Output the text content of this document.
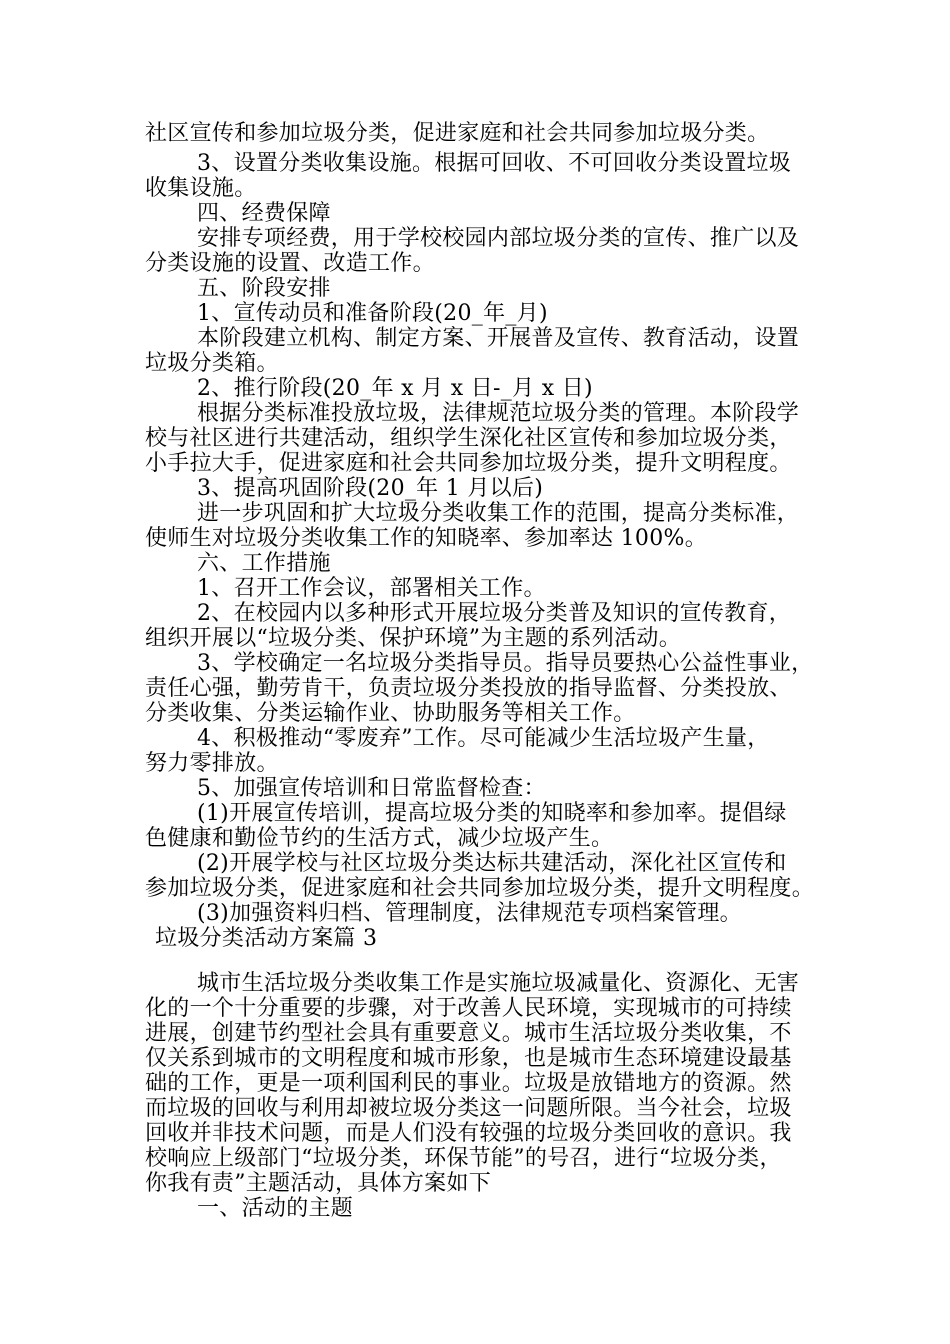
社区宣传和参加垃圾分类，促进家庭和社会共同参加垃圾分类。
3、设置分类收集设施。根据可回收、不可回收分类设置垃圾
收集设施。
四、经费保障
安排专项经费，用于学校校园内部垃圾分类的宣传、推广以及
分类设施的设置、改造工作。
五、阶段安排
1、宣传动员和准备阶段(20_年_月)
本阶段建立机构、制定方案、开展普及宣传、教育活动，设置
垃圾分类箱。
2、推行阶段(20_年 x 月 x 日-_月 x 日)
根据分类标准投放垃圾，法律规范垃圾分类的管理。本阶段学
校与社区进行共建活动，组织学生深化社区宣传和参加垃圾分类，
小手拉大手，促进家庭和社会共同参加垃圾分类，提升文明程度。
3、提高巩固阶段(20_年 1 月以后)
进一步巩固和扩大垃圾分类收集工作的范围，提高分类标准，
使师生对垃圾分类收集工作的知晓率、参加率达 100%。
六、工作措施
1、召开工作会议，部署相关工作。
2、在校园内以多种形式开展垃圾分类普及知识的宣传教育，
组织开展以“垃圾分类、保护环境”为主题的系列活动。
3、学校确定一名垃圾分类指导员。指导员要热心公益性事业，
责任心强，勤劳肯干，负责垃圾分类投放的指导监督、分类投放、
分类收集、分类运输作业、协助服务等相关工作。
4、积极推动“零废弃”工作。尽可能减少生活垃圾产生量，
努力零排放。
5、加强宣传培训和日常监督检查：
(1)开展宣传培训，提高垃圾分类的知晓率和参加率。提倡绿
色健康和勤俭节约的生活方式，减少垃圾产生。
(2)开展学校与社区垃圾分类达标共建活动，深化社区宣传和
参加垃圾分类，促进家庭和社会共同参加垃圾分类，提升文明程度。
(3)加强资料归档、管理制度，法律规范专项档案管理。
垃圾分类活动方案篇 3
城市生活垃圾分类收集工作是实施垃圾减量化、资源化、无害
化的一个十分重要的步骤，对于改善人民环境，实现城市的可持续
进展，创建节约型社会具有重要意义。城市生活垃圾分类收集，不
仅关系到城市的文明程度和城市形象，也是城市生态环境建设最基
础的工作，更是一项利国利民的事业。垃圾是放错地方的资源。然
而垃圾的回收与利用却被垃圾分类这一问题所限。当今社会，垃圾
回收并非技术问题，而是人们没有较强的垃圾分类回收的意识。我
校响应上级部门“垃圾分类，环保节能”的号召，进行“垃圾分类，
你我有责”主题活动，具体方案如下
一、活动的主题
